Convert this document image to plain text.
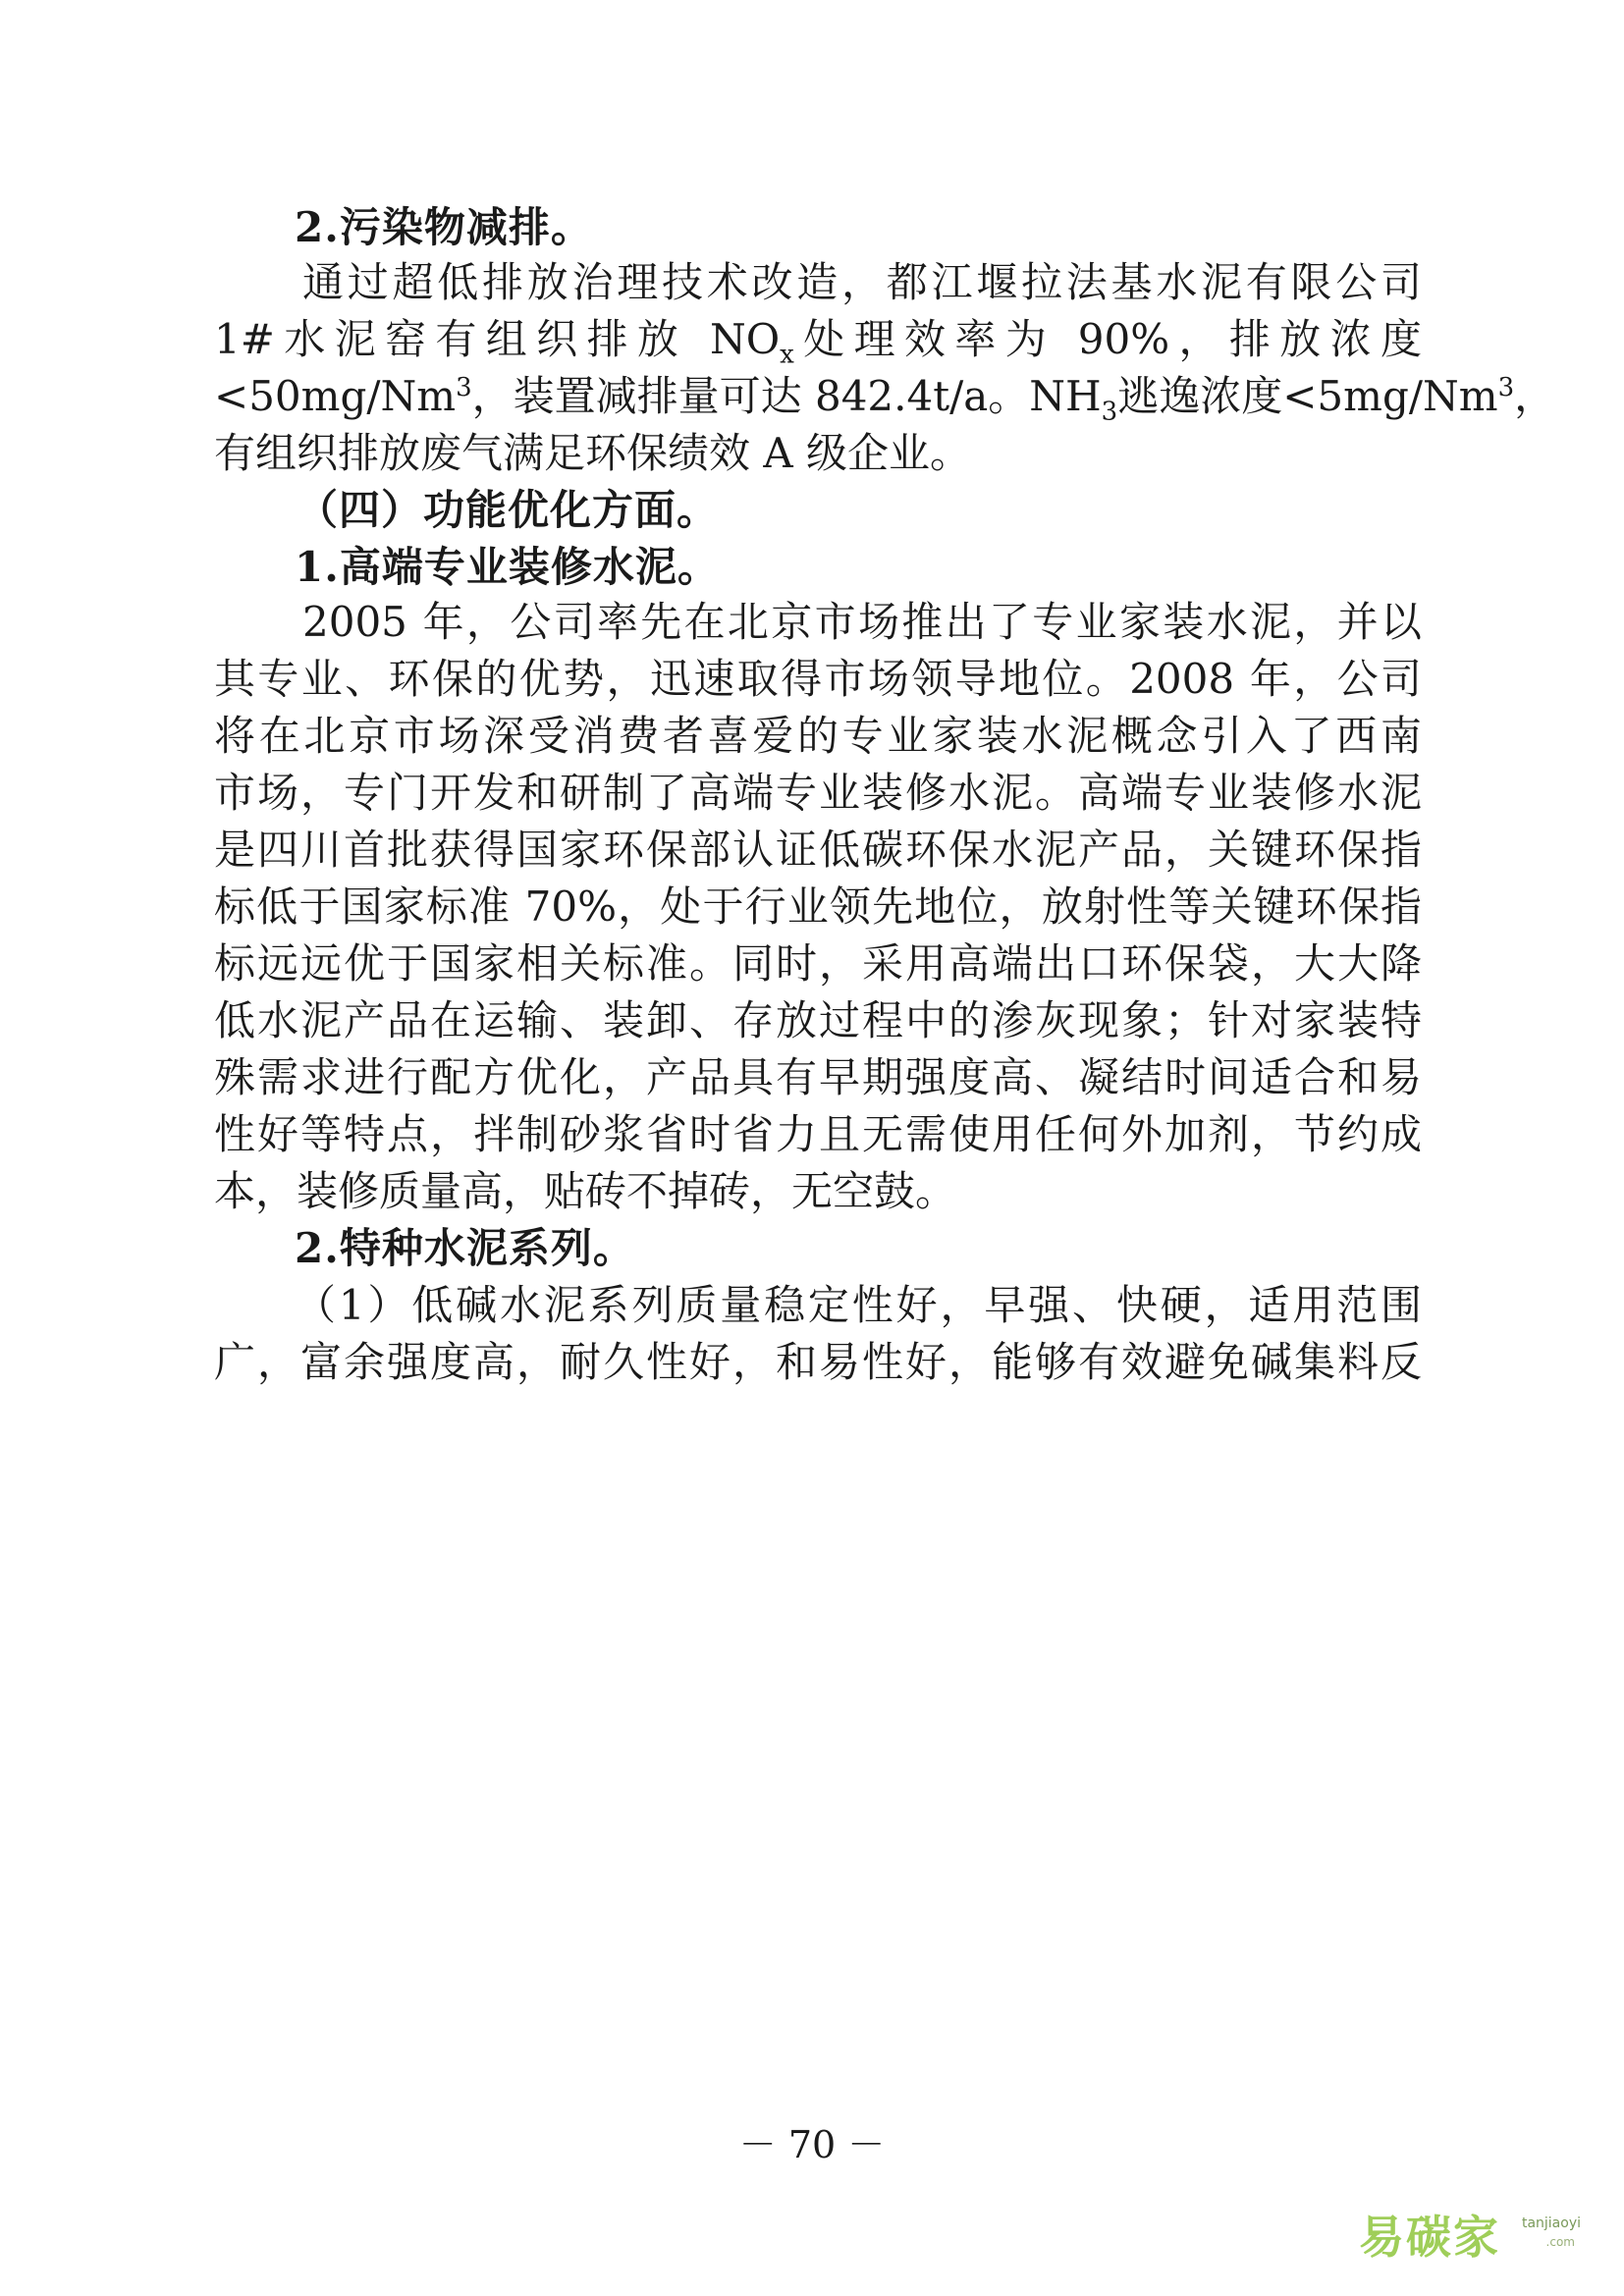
2.污染物减排。
通过超低排放治理技术改造，都江堰拉法基水泥有限公司
1#水泥窑有组织排放 $NO_x$处理效率为 90%，排放浓度
$<50mg/Nm^3$，装置减排量可达 842.4t/a。$NH_3$逃逸浓度$<5mg/Nm^3$，
有组织排放废气满足环保绩效 A 级企业。
（四）功能优化方面。
1.高端专业装修水泥。
2005 年，公司率先在北京市场推出了专业家装水泥，并以
其专业、环保的优势，迅速取得市场领导地位。2008 年，公司
将在北京市场深受消费者喜爱的专业家装水泥概念引入了西南
市场，专门开发和研制了高端专业装修水泥。高端专业装修水泥
是四川首批获得国家环保部认证低碳环保水泥产品，关键环保指
标低于国家标准 70%，处于行业领先地位，放射性等关键环保指
标远远优于国家相关标准。同时，采用高端出口环保袋，大大降
低水泥产品在运输、装卸、存放过程中的渗灰现象；针对家装特
殊需求进行配方优化，产品具有早期强度高、凝结时间适合和易
性好等特点，拌制砂浆省时省力且无需使用任何外加剂，节约成
本，装修质量高，贴砖不掉砖，无空鼓。
2.特种水泥系列。
（1）低碱水泥系列质量稳定性好，早强、快硬，适用范围
广，富余强度高，耐久性好，和易性好，能够有效避免碱集料反
－ 70 －
易碳家 tanjiaoyi
.com
